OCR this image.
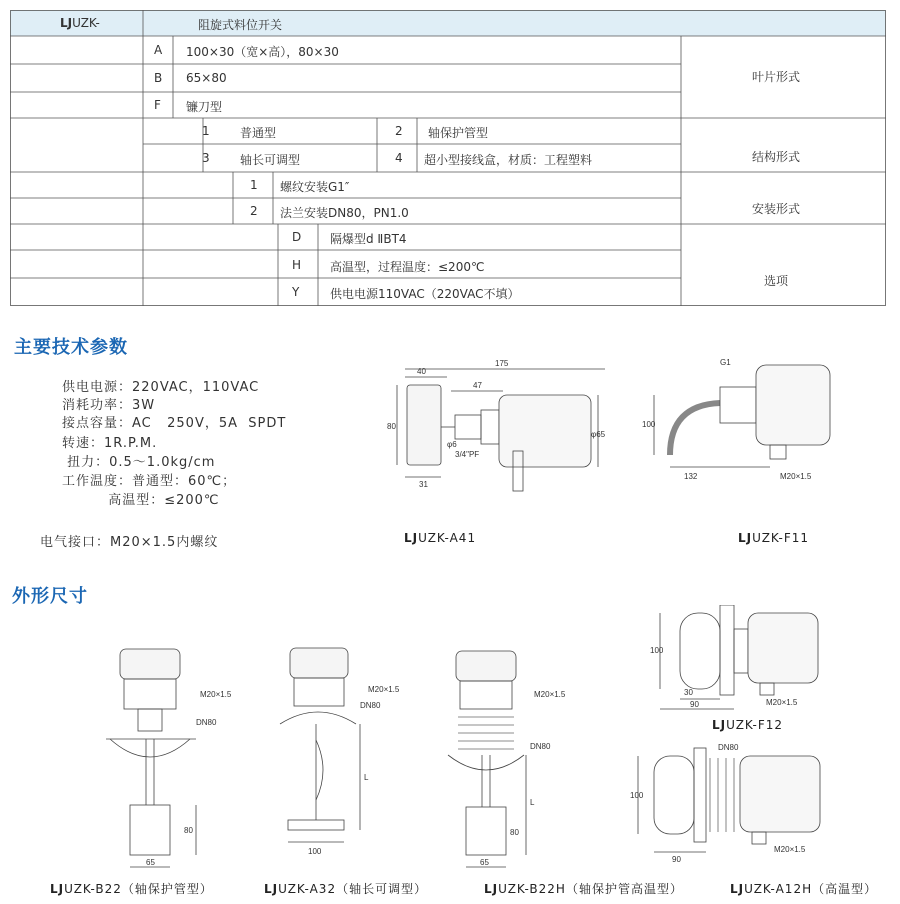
LJUZK-	阻旋式料位开关
A 100×30（宽×高），80×30
B 65×80
F 镰刀型
叶片形式
1	普通型	2 轴保护管型
3	轴长可调型	4 超小型接线盒，材质：工程塑料	结构形式
1 螺纹安装G1″
2 法兰安装DN80，PN1.0	安装形式
D 隔爆型d ⅡBT4
H 高温型，过程温度：≤200℃
Y	供电电源110VAC（220VAC不填）
选项
主要技术参数
供电电源：220VAC，110VAC
消耗功率：3W
接点容量：AC   250V，5A  SPDT
转速：1R.P.M.
扭力：0.5～1.0kg/cm
工作温度：普通型：60℃；
高温型：≤200℃
电气接口：M20×1.5内螺纹
175
40
47
80
φ6
φ65
31
3/4"PF
LJUZK-A41
G1
100
132	M20×1.5
LJUZK-F11
外形尺寸
M20×1.5
DN80
80
65
LJUZK-B22（轴保护管型）
M20×1.5
DN80
L
100
LJUZK-A32（轴长可调型）
M20×1.5
DN80
L
80
65
LJUZK-B22H（轴保护管高温型）
100
30
90	M20×1.5
LJUZK-F12
DN80
100
90
M20×1.5
LJUZK-A12H（高温型）
